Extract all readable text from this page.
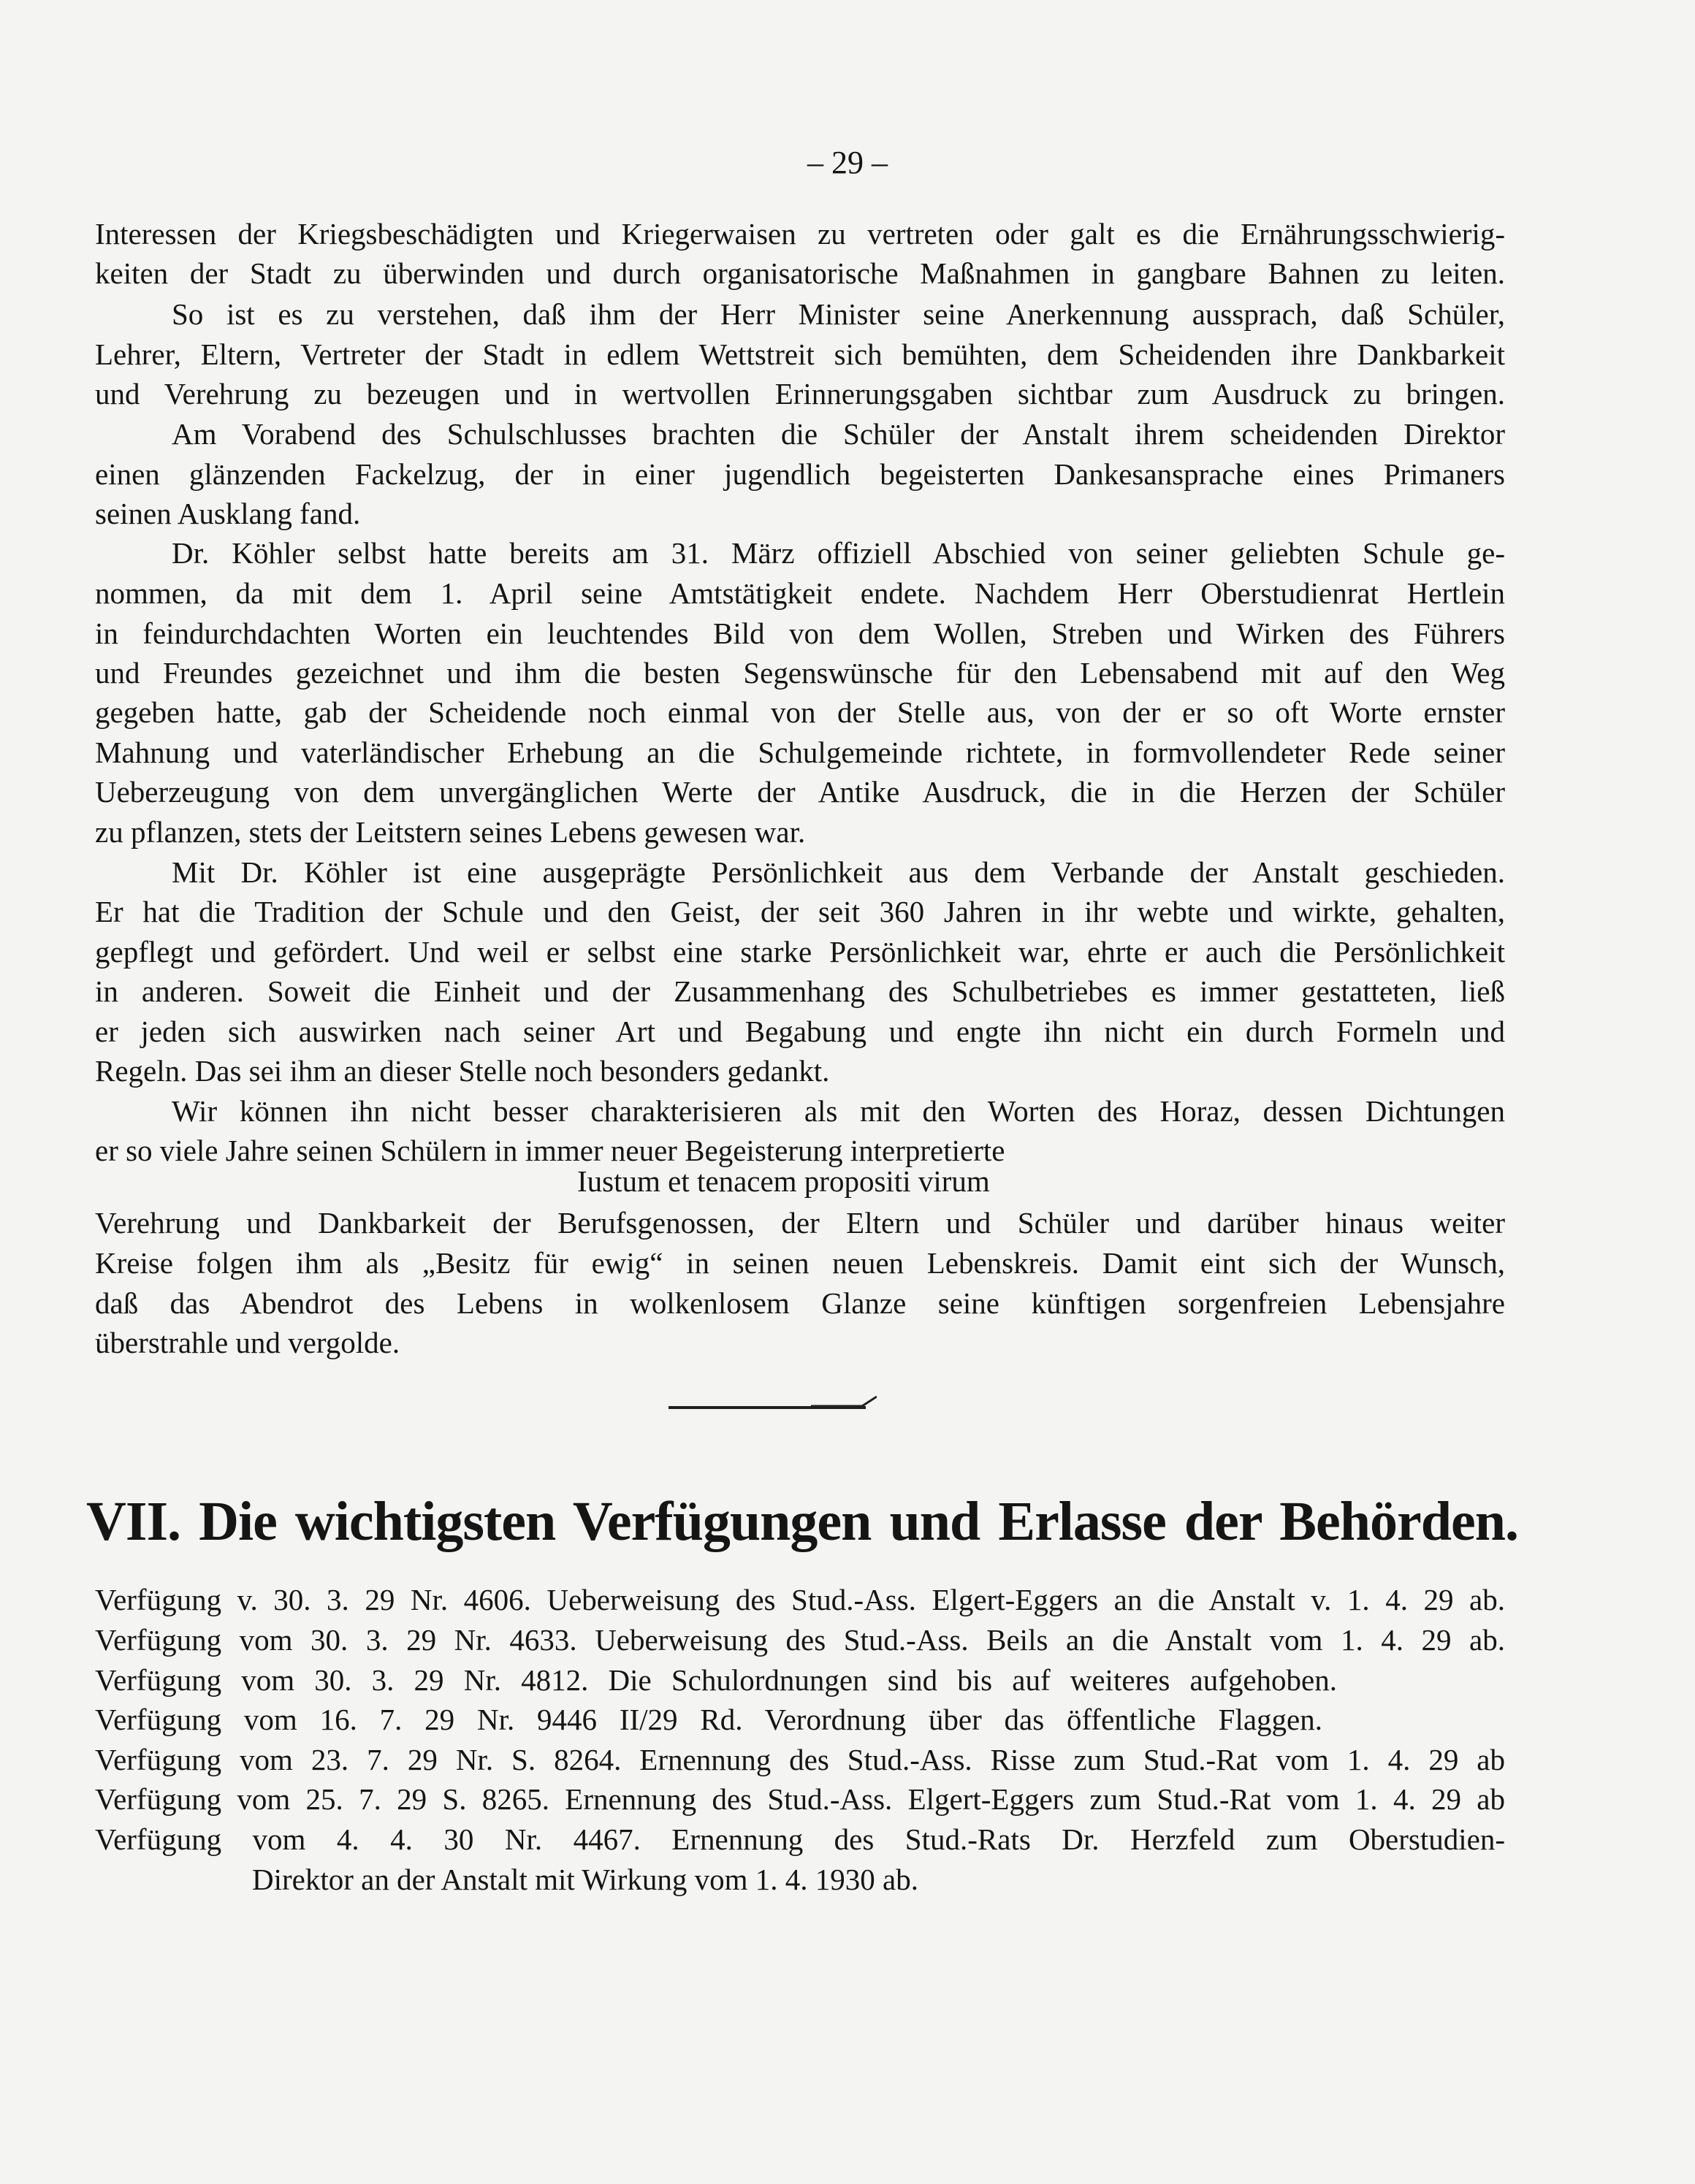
– 29 –
Interessen der Kriegsbeschädigten und Kriegerwaisen zu vertreten oder galt es die Ernährungsschwierig-
keiten der Stadt zu überwinden und durch organisatorische Maßnahmen in gangbare Bahnen zu leiten.
So ist es zu verstehen, daß ihm der Herr Minister seine Anerkennung aussprach, daß Schüler,
Lehrer, Eltern, Vertreter der Stadt in edlem Wettstreit sich bemühten, dem Scheidenden ihre Dankbarkeit
und Verehrung zu bezeugen und in wertvollen Erinnerungsgaben sichtbar zum Ausdruck zu bringen.
Am Vorabend des Schulschlusses brachten die Schüler der Anstalt ihrem scheidenden Direktor
einen glänzenden Fackelzug, der in einer jugendlich begeisterten Dankesansprache eines Primaners
seinen Ausklang fand.
Dr. Köhler selbst hatte bereits am 31. März offiziell Abschied von seiner geliebten Schule ge-
nommen, da mit dem 1. April seine Amtstätigkeit endete. Nachdem Herr Oberstudienrat Hertlein
in feindurchdachten Worten ein leuchtendes Bild von dem Wollen, Streben und Wirken des Führers
und Freundes gezeichnet und ihm die besten Segenswünsche für den Lebensabend mit auf den Weg
gegeben hatte, gab der Scheidende noch einmal von der Stelle aus, von der er so oft Worte ernster
Mahnung und vaterländischer Erhebung an die Schulgemeinde richtete, in formvollendeter Rede seiner
Ueberzeugung von dem unvergänglichen Werte der Antike Ausdruck, die in die Herzen der Schüler
zu pflanzen, stets der Leitstern seines Lebens gewesen war.
Mit Dr. Köhler ist eine ausgeprägte Persönlichkeit aus dem Verbande der Anstalt geschieden.
Er hat die Tradition der Schule und den Geist, der seit 360 Jahren in ihr webte und wirkte, gehalten,
gepflegt und gefördert. Und weil er selbst eine starke Persönlichkeit war, ehrte er auch die Persönlichkeit
in anderen. Soweit die Einheit und der Zusammenhang des Schulbetriebes es immer gestatteten, ließ
er jeden sich auswirken nach seiner Art und Begabung und engte ihn nicht ein durch Formeln und
Regeln. Das sei ihm an dieser Stelle noch besonders gedankt.
Wir können ihn nicht besser charakterisieren als mit den Worten des Horaz, dessen Dichtungen
er so viele Jahre seinen Schülern in immer neuer Begeisterung interpretierte
Iustum et tenacem propositi virum
Verehrung und Dankbarkeit der Berufsgenossen, der Eltern und Schüler und darüber hinaus weiter
Kreise folgen ihm als „Besitz für ewig“ in seinen neuen Lebenskreis. Damit eint sich der Wunsch,
daß das Abendrot des Lebens in wolkenlosem Glanze seine künftigen sorgenfreien Lebensjahre
überstrahle und vergolde.
VII. Die wichtigsten Verfügungen und Erlasse der Behörden.
Verfügung v. 30. 3. 29 Nr. 4606. Ueberweisung des Stud.-Ass. Elgert-Eggers an die Anstalt v. 1. 4. 29 ab.
Verfügung vom 30. 3. 29 Nr. 4633. Ueberweisung des Stud.-Ass. Beils an die Anstalt vom 1. 4. 29 ab.
Verfügung vom 30. 3. 29 Nr. 4812. Die Schulordnungen sind bis auf weiteres aufgehoben.
Verfügung vom 16. 7. 29 Nr. 9446 II/29 Rd. Verordnung über das öffentliche Flaggen.
Verfügung vom 23. 7. 29 Nr. S. 8264. Ernennung des Stud.-Ass. Risse zum Stud.-Rat vom 1. 4. 29 ab
Verfügung vom 25. 7. 29 S. 8265. Ernennung des Stud.-Ass. Elgert-Eggers zum Stud.-Rat vom 1. 4. 29 ab
Verfügung vom 4. 4. 30 Nr. 4467. Ernennung des Stud.-Rats Dr. Herzfeld zum Oberstudien-
Direktor an der Anstalt mit Wirkung vom 1. 4. 1930 ab.
